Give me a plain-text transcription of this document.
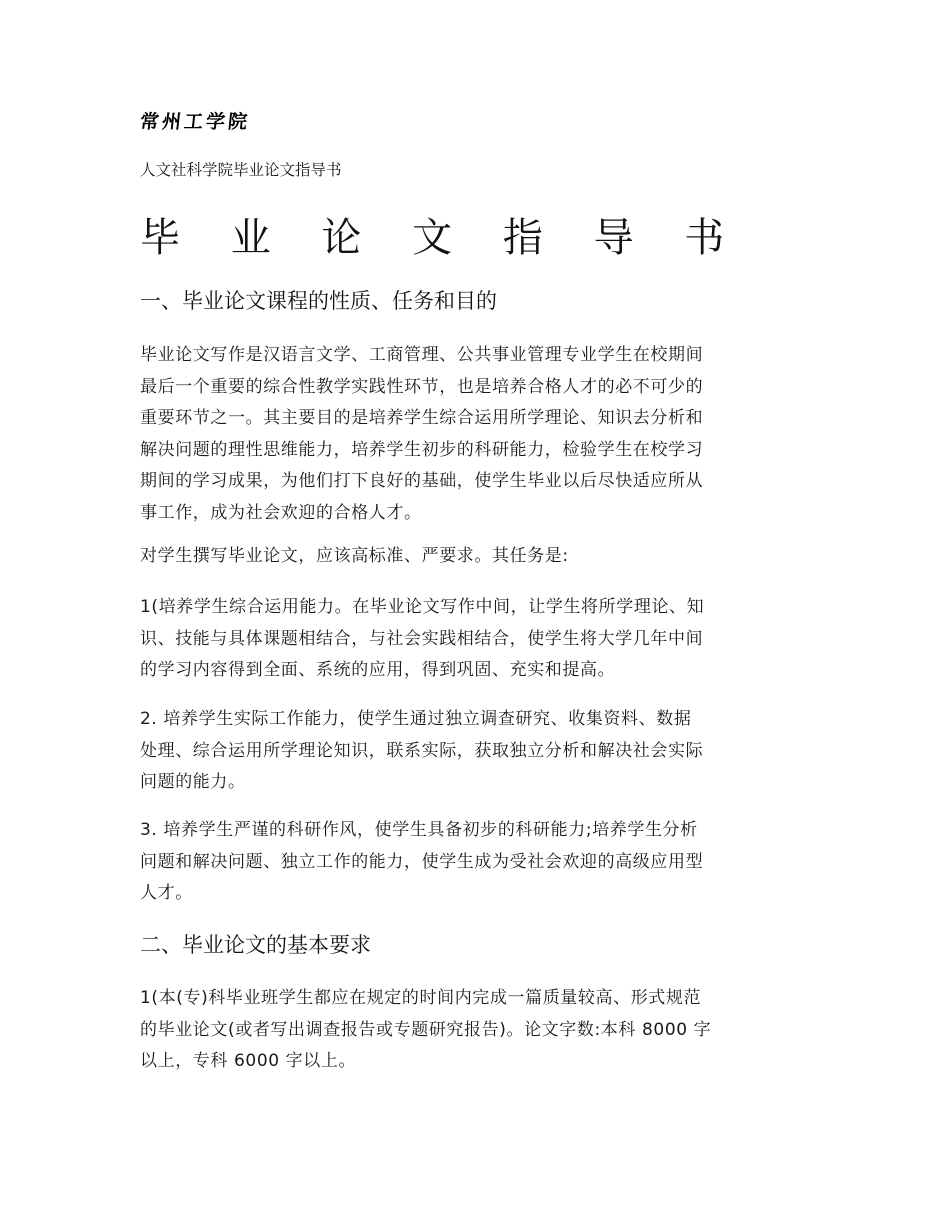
常州工学院
人文社科学院毕业论文指导书
毕 业 论 文 指 导 书
一、毕业论文课程的性质、任务和目的
毕业论文写作是汉语言文学、工商管理、公共事业管理专业学生在校期间
最后一个重要的综合性教学实践性环节，也是培养合格人才的必不可少的
重要环节之一。其主要目的是培养学生综合运用所学理论、知识去分析和
解决问题的理性思维能力，培养学生初步的科研能力，检验学生在校学习
期间的学习成果，为他们打下良好的基础，使学生毕业以后尽快适应所从
事工作，成为社会欢迎的合格人才。
对学生撰写毕业论文，应该高标准、严要求。其任务是:
1(培养学生综合运用能力。在毕业论文写作中间，让学生将所学理论、知
识、技能与具体课题相结合，与社会实践相结合，使学生将大学几年中间
的学习内容得到全面、系统的应用，得到巩固、充实和提高。
2. 培养学生实际工作能力，使学生通过独立调查研究、收集资料、数据
处理、综合运用所学理论知识，联系实际，获取独立分析和解决社会实际
问题的能力。
3. 培养学生严谨的科研作风，使学生具备初步的科研能力;培养学生分析
问题和解决问题、独立工作的能力，使学生成为受社会欢迎的高级应用型
人才。
二、毕业论文的基本要求
1(本(专)科毕业班学生都应在规定的时间内完成一篇质量较高、形式规范
的毕业论文(或者写出调查报告或专题研究报告)。论文字数:本科 8000 字
以上，专科 6000 字以上。
